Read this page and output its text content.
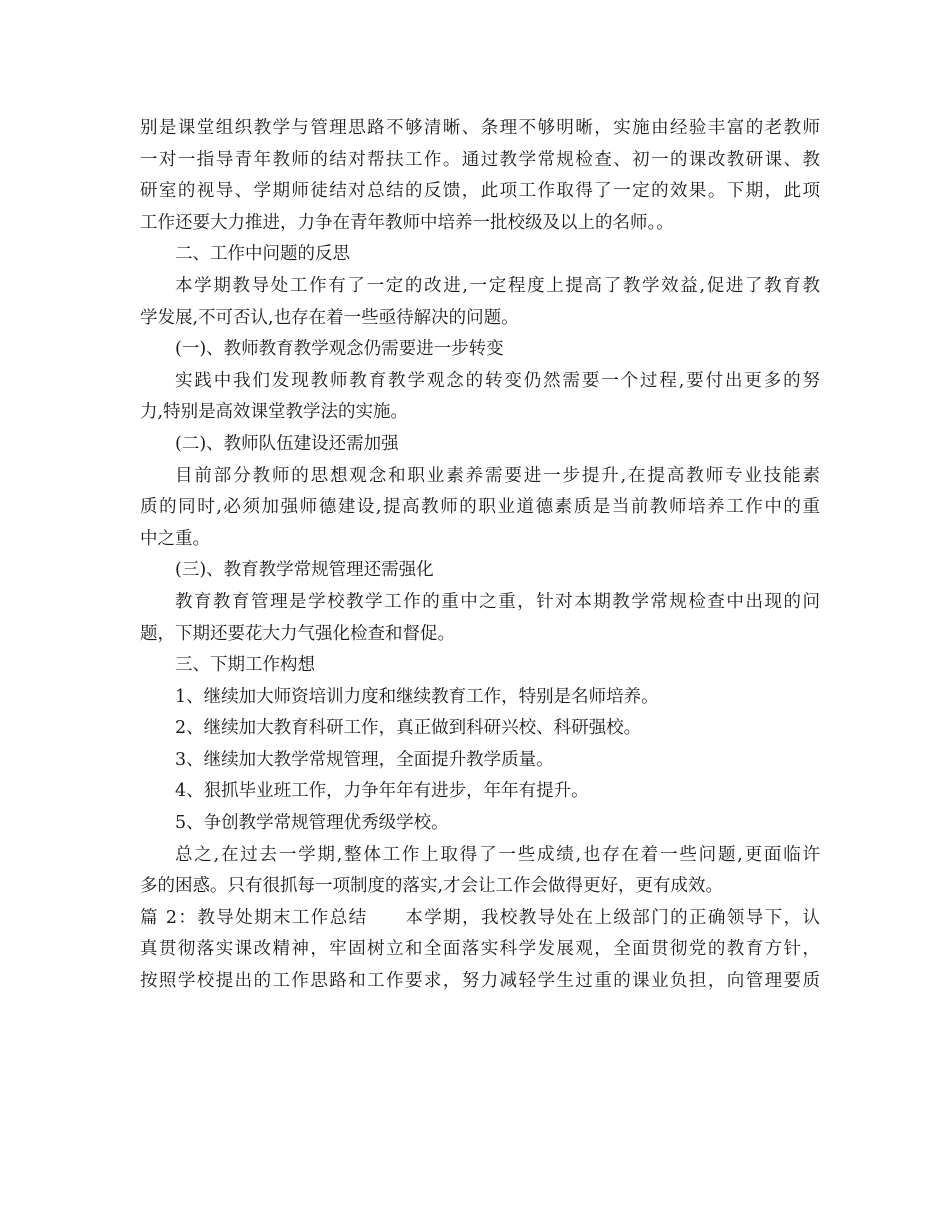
别是课堂组织教学与管理思路不够清晰、条理不够明晰，实施由经验丰富的老教师
一对一指导青年教师的结对帮扶工作。通过教学常规检查、初一的课改教研课、教
研室的视导、学期师徒结对总结的反馈，此项工作取得了一定的效果。下期，此项
工作还要大力推进，力争在青年教师中培养一批校级及以上的名师。。
二、工作中问题的反思
本学期教导处工作有了一定的改进,一定程度上提高了教学效益,促进了教育教
学发展,不可否认,也存在着一些亟待解决的问题。
(一)、教师教育教学观念仍需要进一步转变
实践中我们发现教师教育教学观念的转变仍然需要一个过程,要付出更多的努
力,特别是高效课堂教学法的实施。
(二)、教师队伍建设还需加强
目前部分教师的思想观念和职业素养需要进一步提升,在提高教师专业技能素
质的同时,必须加强师德建设,提高教师的职业道德素质是当前教师培养工作中的重
中之重。
(三)、教育教学常规管理还需强化
教育教育管理是学校教学工作的重中之重，针对本期教学常规检查中出现的问
题，下期还要花大力气强化检查和督促。
三、下期工作构想
1、继续加大师资培训力度和继续教育工作，特别是名师培养。
2、继续加大教育科研工作，真正做到科研兴校、科研强校。
3、继续加大教学常规管理，全面提升教学质量。
4、狠抓毕业班工作，力争年年有进步，年年有提升。
5、争创教学常规管理优秀级学校。
总之,在过去一学期,整体工作上取得了一些成绩,也存在着一些问题,更面临许
多的困惑。只有很抓每一项制度的落实,才会让工作会做得更好，更有成效。
篇 2：教导处期末工作总结　　本学期，我校教导处在上级部门的正确领导下，认
真贯彻落实课改精神，牢固树立和全面落实科学发展观，全面贯彻党的教育方针，
按照学校提出的工作思路和工作要求，努力减轻学生过重的课业负担，向管理要质
